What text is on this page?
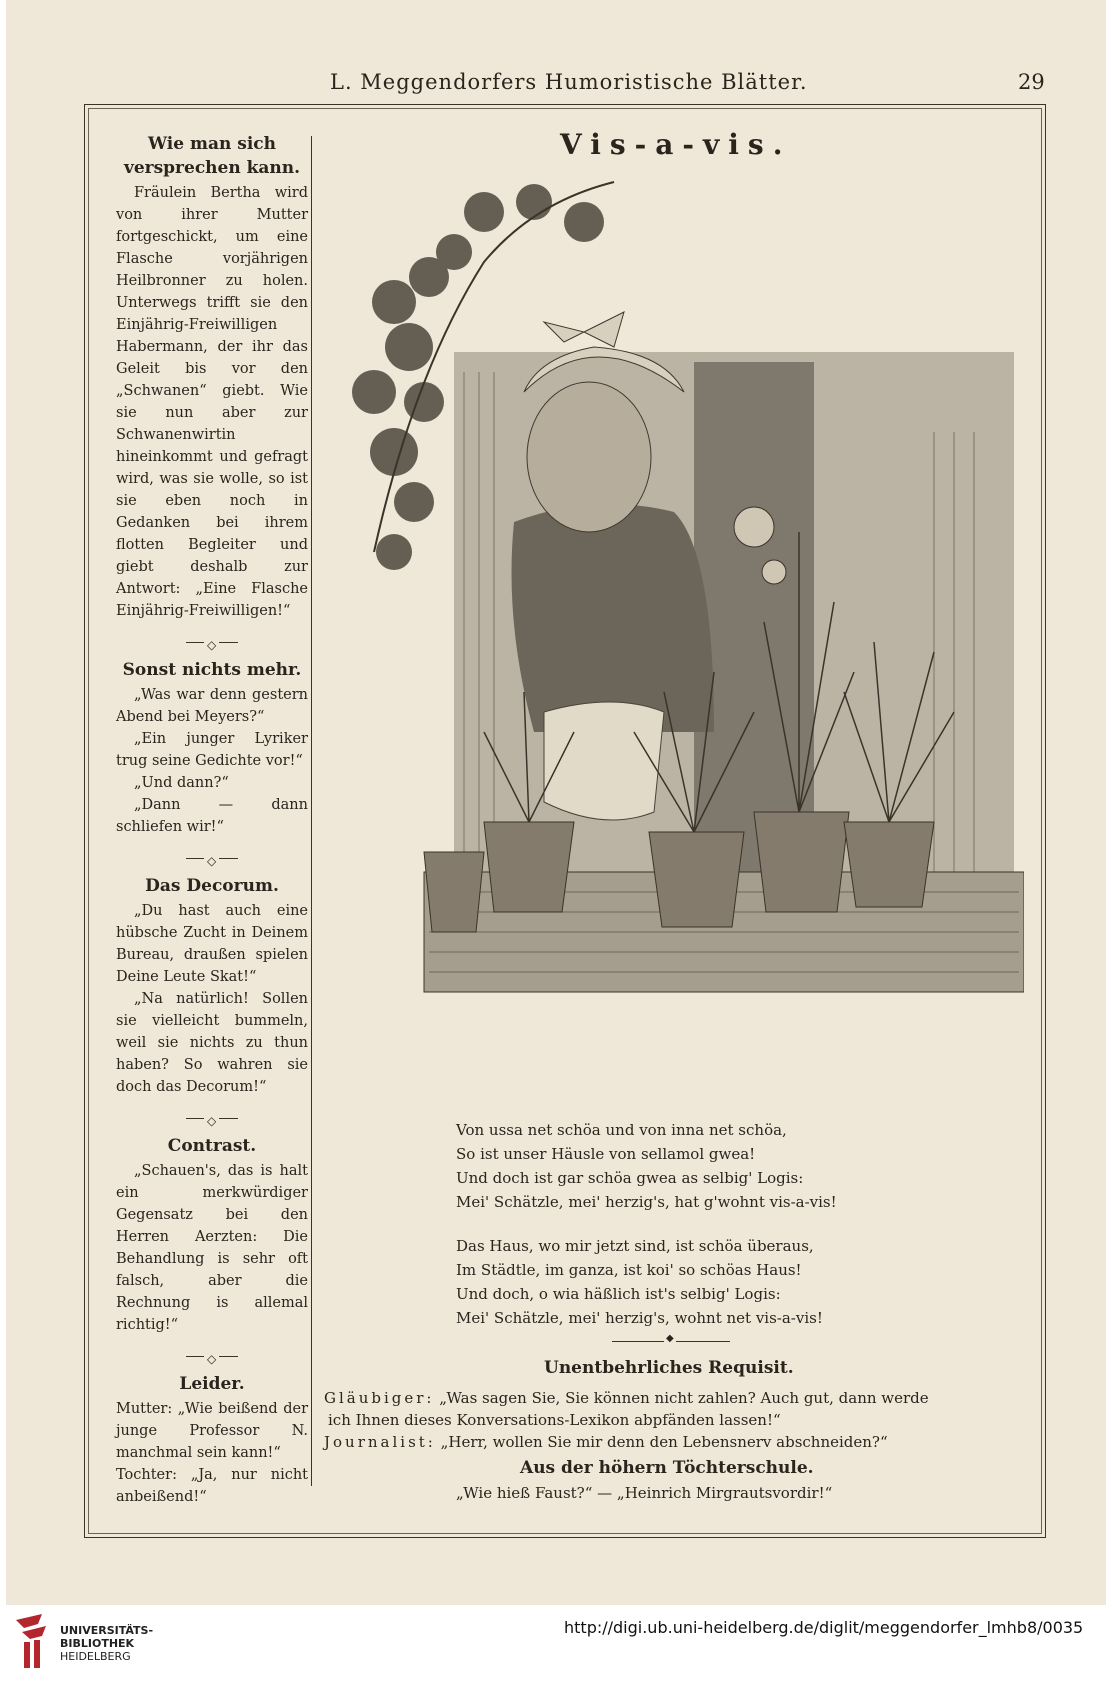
L. Meggendorfers Humoristische Blätter.	29
Wie man sich versprechen kann.

Fräulein Bertha wird von ihrer Mutter fortgeschickt, um eine Flasche vorjährigen Heilbronner zu holen. Unterwegs trifft sie den Einjährig-Freiwilligen Habermann, der ihr das Geleit bis vor den „Schwanen“ giebt. Wie sie nun aber zur Schwanenwirtin hineinkommt und gefragt wird, was sie wolle, so ist sie eben noch in Gedanken bei ihrem flotten Begleiter und giebt deshalb zur Antwort: „Eine Flasche Einjährig-Freiwilligen!“

◇
Sonst nichts mehr.

„Was war denn gestern Abend bei Meyers?“

„Ein junger Lyriker trug seine Gedichte vor!“

„Und dann?“

„Dann — dann schliefen wir!“

◇
Das Decorum.

„Du hast auch eine hübsche Zucht in Deinem Bureau, draußen spielen Deine Leute Skat!“

„Na natürlich! Sollen sie vielleicht bummeln, weil sie nichts zu thun haben? So wahren sie doch das Decorum!“

◇
Contrast.

„Schauen's, das is halt ein merkwürdiger Gegensatz bei den Herren Aerzten: Die Behandlung is sehr oft falsch, aber die Rechnung is allemal richtig!“

◇
Leider.

Mutter: „Wie beißend der junge Professor N. manchmal sein kann!“

Tochter: „Ja, nur nicht anbeißend!“

Vis-a-vis.
Von ussa net schöa und von inna net schöa,
So ist unser Häusle von sellamol gwea!
Und doch ist gar schöa gwea as selbig' Logis:
Mei' Schätzle, mei' herzig's, hat g'wohnt vis-a-vis!
Das Haus, wo mir jetzt sind, ist schöa überaus,
Im Städtle, im ganza, ist koi' so schöas Haus!
Und doch, o wia häßlich ist's selbig' Logis:
Mei' Schätzle, mei' herzig's, wohnt net vis-a-vis!
◆
Unentbehrliches Requisit.
Gläubiger: „Was sagen Sie, Sie können nicht zahlen? Auch gut, dann werde
ich Ihnen dieses Konversations-Lexikon abpfänden lassen!“
Journalist: „Herr, wollen Sie mir denn den Lebensnerv abschneiden?“
Aus der höhern Töchterschule.
„Wie hieß Faust?“ — „Heinrich Mirgrautsvordir!“
UNIVERSITÄTS-
BIBLIOTHEK
HEIDELBERG
http://digi.ub.uni-heidelberg.de/diglit/meggendorfer_lmhb8/0035
